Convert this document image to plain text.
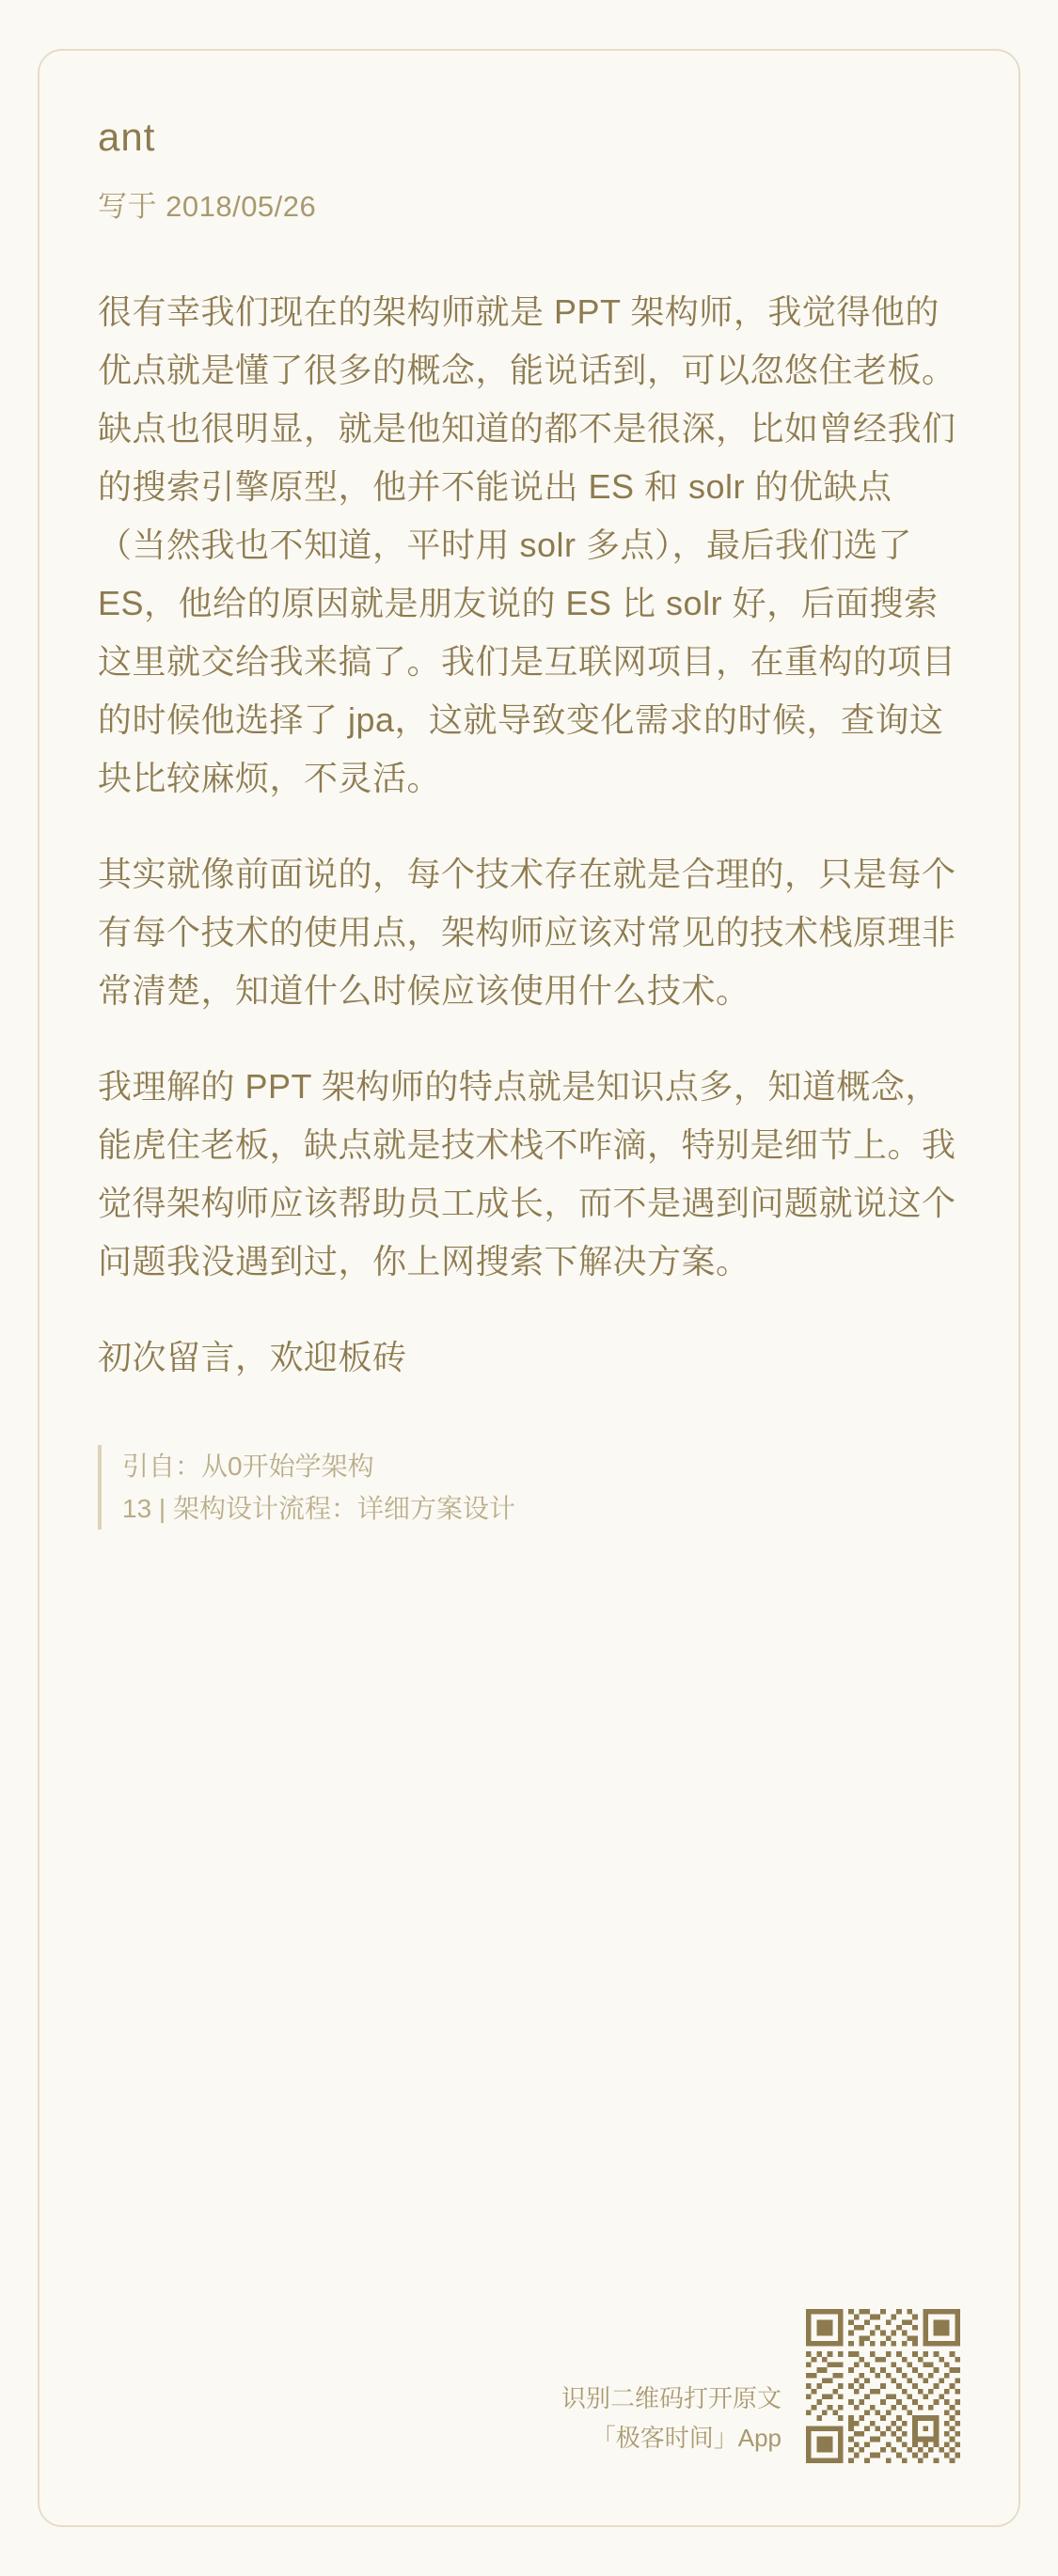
ant
写于 2018/05/26

很有幸我们现在的架构师就是 PPT 架构师，我觉得他的优点就是懂了很多的概念，能说话到，可以忽悠住老板。缺点也很明显，就是他知道的都不是很深，比如曾经我们的搜索引擎原型，他并不能说出 ES 和 solr 的优缺点（当然我也不知道，平时用 solr 多点），最后我们选了 ES，他给的原因就是朋友说的 ES 比 solr 好，后面搜索这里就交给我来搞了。我们是互联网项目，在重构的项目的时候他选择了 jpa，这就导致变化需求的时候，查询这块比较麻烦，不灵活。

其实就像前面说的，每个技术存在就是合理的，只是每个有每个技术的使用点，架构师应该对常见的技术栈原理非常清楚，知道什么时候应该使用什么技术。

我理解的 PPT 架构师的特点就是知识点多，知道概念，能虎住老板，缺点就是技术栈不咋滴，特别是细节上。我觉得架构师应该帮助员工成长，而不是遇到问题就说这个问题我没遇到过，你上网搜索下解决方案。

初次留言，欢迎板砖

引自：从0开始学架构
13 | 架构设计流程：详细方案设计
识别二维码打开原文
「极客时间」App
